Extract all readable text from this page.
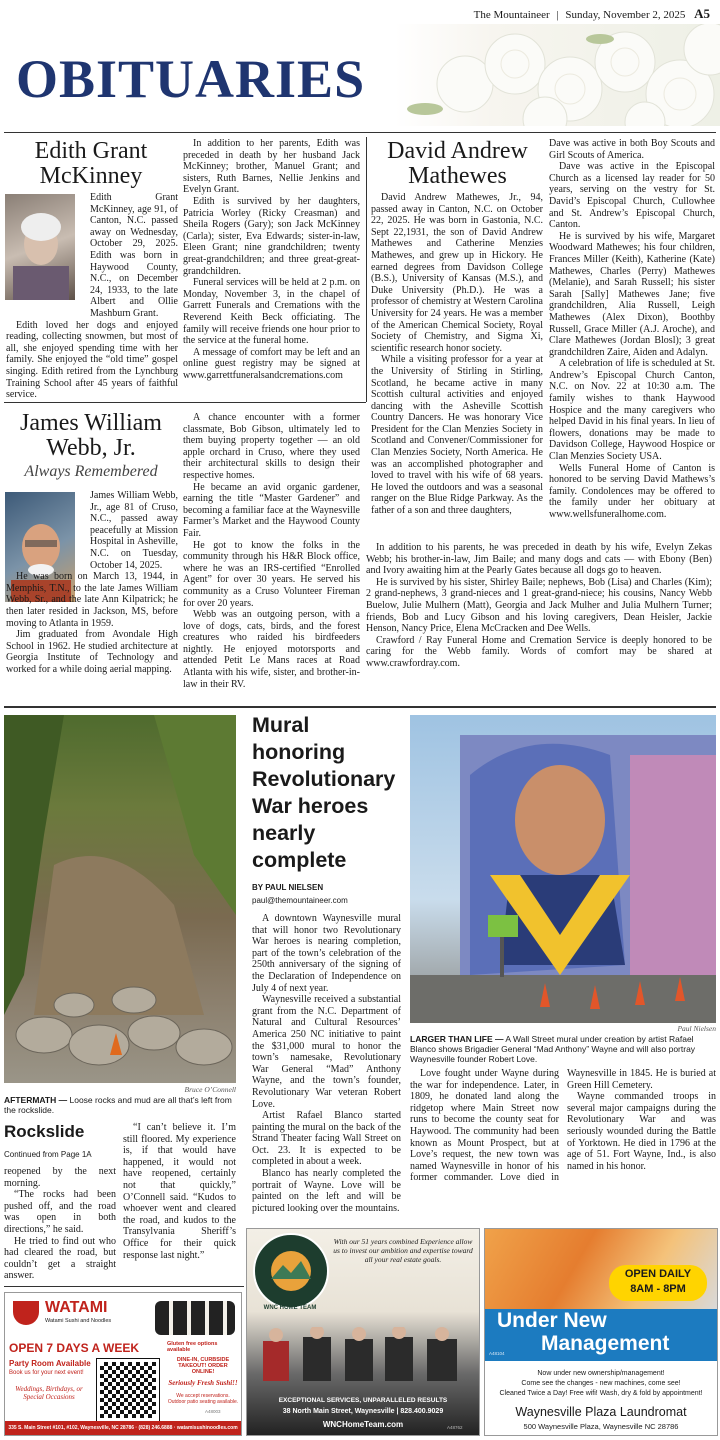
The Mountaineer | Sunday, November 2, 2025 A5
OBITUARIES
Edith Grant McKinney

Edith Grant McKinney, age 91, of Canton, N.C. passed away on Wednesday, October 29, 2025. Edith was born in Haywood County, N.C., on December 24, 1933, to the late Albert and Ollie Mashburn Grant.

Edith loved her dogs and enjoyed reading, collecting snowmen, but most of all, she enjoyed spending time with her family. She enjoyed the “old time” gospel singing. Edith retired from the Lynchburg Training School after 45 years of faithful service.

In addition to her parents, Edith was preceded in death by her husband Jack McKinney; brother, Manuel Grant; and sisters, Ruth Barnes, Nellie Jenkins and Evelyn Grant.

Edith is survived by her daughters, Patricia Worley (Ricky Creasman) and Sheila Rogers (Gary); son Jack McKinney (Carla); sister, Eva Edwards; sister-in-law, Eleen Grant; nine grandchildren; twenty great-grandchildren; and three great-great-grandchildren.

Funeral services will be held at 2 p.m. on Monday, November 3, in the chapel of Garrett Funerals and Cremations with the Reverend Keith Beck officiating. The family will receive friends one hour prior to the service at the funeral home.

A message of comfort may be left and an online guest registry may be signed at www.garrettfuneralsandcremations.com

David Andrew Mathewes

David Andrew Mathewes, Jr., 94, passed away in Canton, N.C. on October 22, 2025. He was born in Gastonia, N.C. Sept 22,1931, the son of David Andrew Mathewes and Catherine Menzies Mathewes, and grew up in Hickory. He earned degrees from Davidson College (B.S.), University of Kansas (M.S.), and Duke University (Ph.D.). He was a professor of chemistry at Western Carolina University for 24 years. He was a member of the American Chemical Society, Royal Society of Chemistry, and Sigma Xi, scientific research honor society.

While a visiting professor for a year at the University of Stirling in Stirling, Scotland, he became active in many Scottish cultural activities and enjoyed dancing with the Asheville Scottish Country Dancers. He was honorary Vice President for the Clan Menzies Society in Scotland and Convener/Commissioner for Clan Menzies Society, North America. He was an accomplished photographer and loved to travel with his wife of 68 years. He loved the outdoors and was a seasonal ranger on the Blue Ridge Parkway. As the father of a son and three daughters,

Dave was active in both Boy Scouts and Girl Scouts of America.

Dave was active in the Episcopal Church as a licensed lay reader for 50 years, serving on the vestry for St. David’s Episcopal Church, Cullowhee and St. Andrew’s Episcopal Church, Canton.

He is survived by his wife, Margaret Woodward Mathewes; his four children, Frances Miller (Keith), Katherine (Kate) Mathewes, Charles (Perry) Mathewes (Melanie), and Sarah Russell; his sister Sarah [Sally] Mathewes Jane; five grandchildren, Alia Russell, Leigh Mathewes (Alex Dixon), Boothby Russell, Grace Miller (A.J. Aroche), and Clare Mathewes (Jordan Blosl); 3 great grandchildren Zaire, Aiden and Adalyn.

A celebration of life is scheduled at St. Andrew’s Episcopal Church Canton, N.C. on Nov. 22 at 10:30 a.m. The family wishes to thank Haywood Hospice and the many caregivers who helped David in his final years. In lieu of flowers, donations may be made to Davidson College, Haywood Hospice or Clan Menzies Society USA.

Wells Funeral Home of Canton is honored to be serving David Mathews’s family. Condolences may be offered to the family under her obituary at www.wellsfuneralhome.com.

James William Webb, Jr.
Always Remembered

James William Webb, Jr., age 81 of Cruso, N.C., passed away peacefully at Mission Hospital in Asheville, N.C. on Tuesday, October 14, 2025.

He was born on March 13, 1944, in Memphis, T.N., to the late James William Webb, Sr., and the late Ann Kilpatrick; he then later resided in Jackson, MS, before moving to Atlanta in 1959.

Jim graduated from Avondale High School in 1962. He studied architecture at Georgia Institute of Technology and worked for a while doing aerial mapping.

A chance encounter with a former classmate, Bob Gibson, ultimately led to them buying property together — an old apple orchard in Cruso, where they used their architectural skills to design their respective homes.

He became an avid organic gardener, earning the title “Master Gardener” and becoming a familiar face at the Waynesville Farmer’s Market and the Haywood County Fair.

He got to know the folks in the community through his H&R Block office, where he was an IRS-certified “Enrolled Agent” for over 30 years. He served his community as a Cruso Volunteer Fireman for over 20 years.

Webb was an outgoing person, with a love of dogs, cats, birds, and the forest creatures who raided his birdfeeders nightly. He enjoyed motorsports and attended Petit Le Mans races at Road Atlanta with his wife, sister, and brother-in-law in their RV.

In addition to his parents, he was preceded in death by his wife, Evelyn Zekas Webb; his brother-in-law, Jim Baile; and many dogs and cats — with Ebony (Ben) and Ivory awaiting him at the Pearly Gates because all dogs go to heaven.

He is survived by his sister, Shirley Baile; nephews, Bob (Lisa) and Charles (Kim); 2 grand-nephews, 3 grand-nieces and 1 great-grand-niece; his cousins, Nancy Webb Buelow, Julie Mulhern (Matt), Georgia and Jack Mulher and Julia Mulhern Turner; friends, Bob and Lucy Gibson and his loving caregivers, Dean Heisler, Jackie Henson, Nancy Price, Elena McCracken and Dee Wells.

Crawford / Ray Funeral Home and Cremation Service is deeply honored to be caring for the Webb family. Words of comfort may be shared at www.crawfordray.com.

Bruce O’Connell
AFTERMATH — Loose rocks and mud are all that’s left from the rockslide.
Rockslide
Continued from Page 1A

reopened by the next morning.

“The rocks had been pushed off, and the road was open in both directions,” he said.

He tried to find out who had cleared the road, but couldn’t get a straight answer.

“I can’t believe it. I’m still floored. My experience is, if that would have happened, it would not have reopened, certainly not that quickly,” O’Connell said. “Kudos to whoever went and cleared the road, and kudos to the Transylvania Sheriff’s Office for their quick response last night.”

Mural honoring Revolutionary War heroes nearly complete
BY PAUL NIELSEN
paul@themountaineer.com

A downtown Waynesville mural that will honor two Revolutionary War heroes is nearing completion, part of the town’s celebration of the 250th anniversary of the signing of the Declaration of Independence on July 4 of next year.

Waynesville received a substantial grant from the N.C. Department of Natural and Cultural Resources’ America 250 NC initiative to paint the $31,000 mural to honor the town’s namesake, Revolutionary War General “Mad” Anthony Wayne, and the town’s founder, Revolutionary War veteran Robert Love.

Artist Rafael Blanco started painting the mural on the back of the Strand Theater facing Wall Street on Oct. 23. It is expected to be completed in about a week.

Blanco has nearly completed the portrait of Wayne. Love will be painted on the left and will be pictured looking over the mountains.

Love fought under Wayne during the war for independence. Later, in 1809, he donated land along the ridgetop where Main Street now runs to become the county seat for Haywood. The community had been known as Mount Prospect, but at Love’s request, the new town was named Waynesville in honor of his former commander. Love died in Waynesville in 1845. He is buried at Green Hill Cemetery.

Wayne commanded troops in several major campaigns during the Revolutionary War and was seriously wounded during the Battle of Yorktown. He died in 1796 at the age of 51. Fort Wayne, Ind., is also named in his honor.

Paul Nielsen
LARGER THAN LIFE — A Wall Street mural under creation by artist Rafael Blanco shows Brigadier General “Mad Anthony” Wayne and will also portray Waynesville founder Robert Love.
WATAMI
Watami Sushi and Noodles
OPEN 7 DAYS A WEEK	Gluten free options available
Party Room Available
Book us for your next event!
Weddings, Birthdays, or Special Occasions
DINE-IN, CURBSIDE TAKEOUT! ORDER ONLINE!
Seriously Fresh Sushi!!
We accept reservations. Outdoor patio seating available.
A48003
335 S. Main Street #101, #102, Waynesville, NC 28786 · (828) 246.6888 · watamisushinoodles.com
WNC HOME TEAM
With our 51 years combined Experience allow us to invest our ambition and expertise toward all your real estate goals.
EXCEPTIONAL SERVICES, UNPARALLELED RESULTS
38 North Main Street, Waynesville | 828.400.9029
WNCHomeTeam.com	A48762
OPEN DAILY
8AM - 8PM
Under New
Management
A48104
Now under new ownership/management!
Come see the changes - new machines, come see!
Cleaned Twice a Day! Free wifi! Wash, dry & fold by appointment!
Waynesville Plaza Laundromat
500 Waynesville Plaza, Waynesville NC 28786
